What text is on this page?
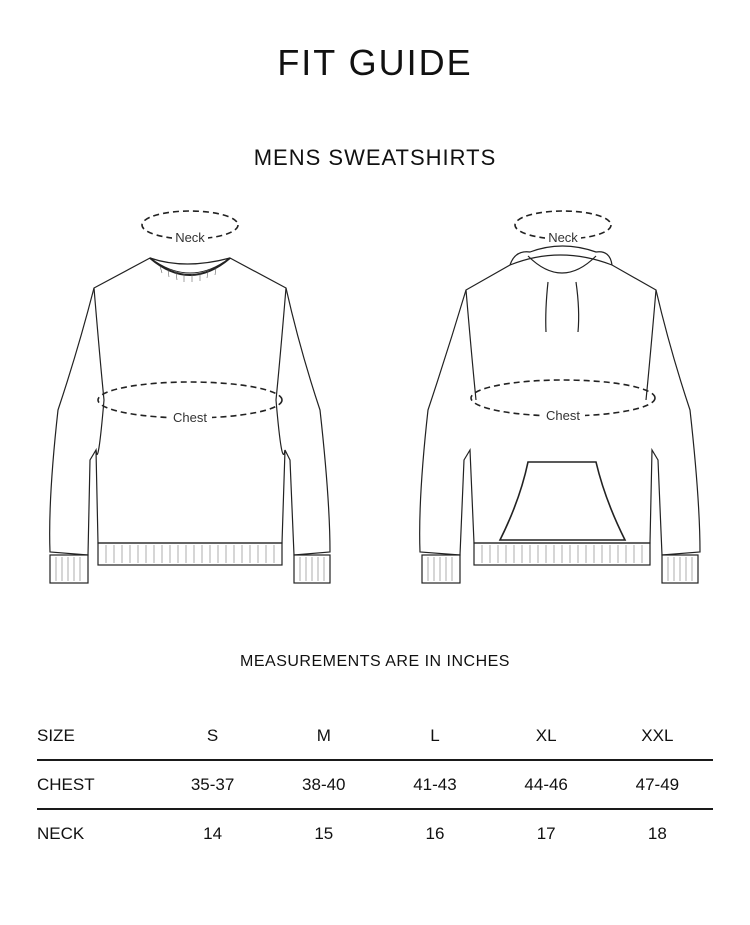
FIT GUIDE
MENS SWEATSHIRTS
Neck
Chest
Neck
Chest
MEASUREMENTS ARE IN INCHES
SIZE	S	M	L	XL	XXL
CHEST	35-37	38-40	41-43	44-46	47-49
NECK	14	15	16	17	18
